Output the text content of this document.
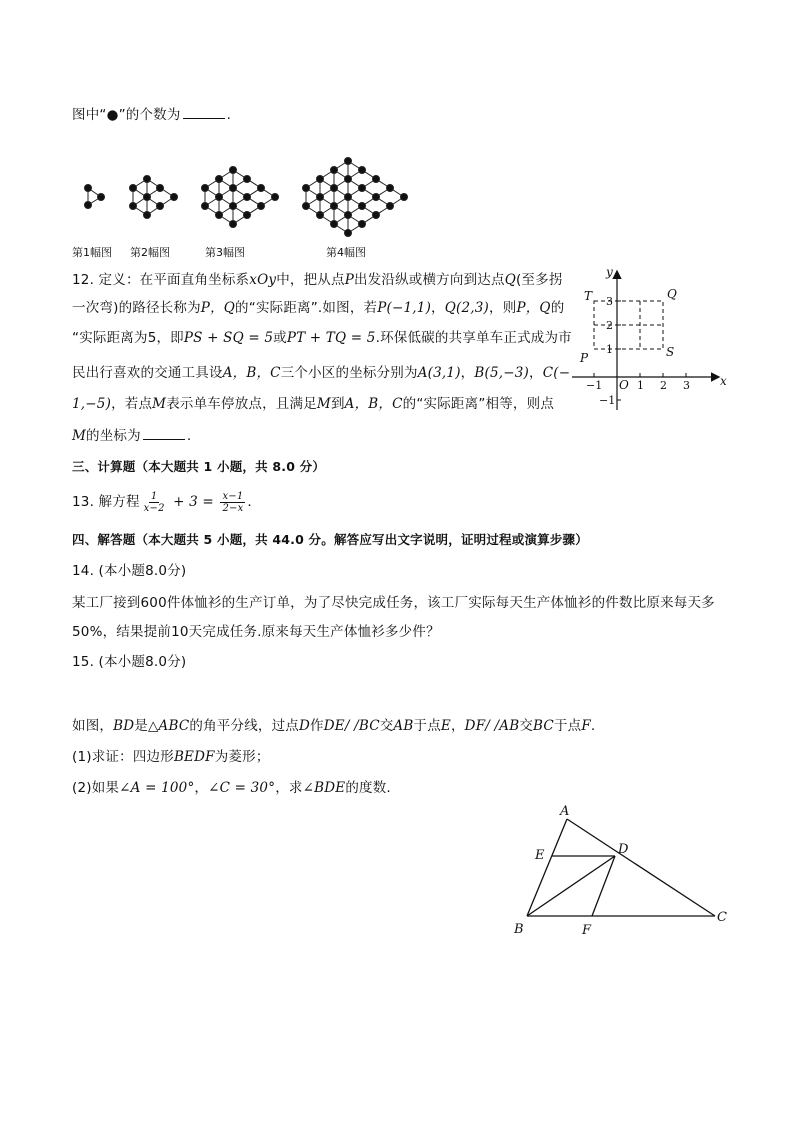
图中“●”的个数为	.
第1幅图 第2幅图	第3幅图	第4幅图
12. 定义：在平面直角坐标系xOy中，把从点P出发沿纵或横方向到达点Q(至多拐
一次弯)的路径长称为P，Q的“实际距离”.如图，若P(−1,1)，Q(2,3)，则P，Q的
“实际距离为5，即PS + SQ = 5或PT + TQ = 5.环保低碳的共享单车正式成为市
民出行喜欢的交通工具设A，B，C三个小区的坐标分别为A(3,1)，B(5,−3)，C(−
1,−5)，若点M表示单车停放点，且满足M到A，B，C的“实际距离”相等，则点
M的坐标为	.
x
y
O
P
Q
S
T
−1	1 2 3
1
2
3
−1
三、计算题（本大题共 1 小题，共 8.0 分）
13. 解方程 $\frac{1}{x-2} + 3 = \frac{x-1}{2-x}$ .
四、解答题（本大题共 5 小题，共 44.0 分。解答应写出文字说明，证明过程或演算步骤）
14. (本小题8.0分)
某工厂接到600件体恤衫的生产订单，为了尽快完成任务，该工厂实际每天生产体恤衫的件数比原来每天多
50%，结果提前10天完成任务.原来每天生产体恤衫多少件？
15. (本小题8.0分)
如图，BD是△ABC的角平分线，过点D作DE/ /BC交AB于点E，DF/ /AB交BC于点F.
(1)求证：四边形BEDF为菱形；
(2)如果∠A = 100°，∠C = 30°，求∠BDE的度数.
A
B
C
D
E
F
